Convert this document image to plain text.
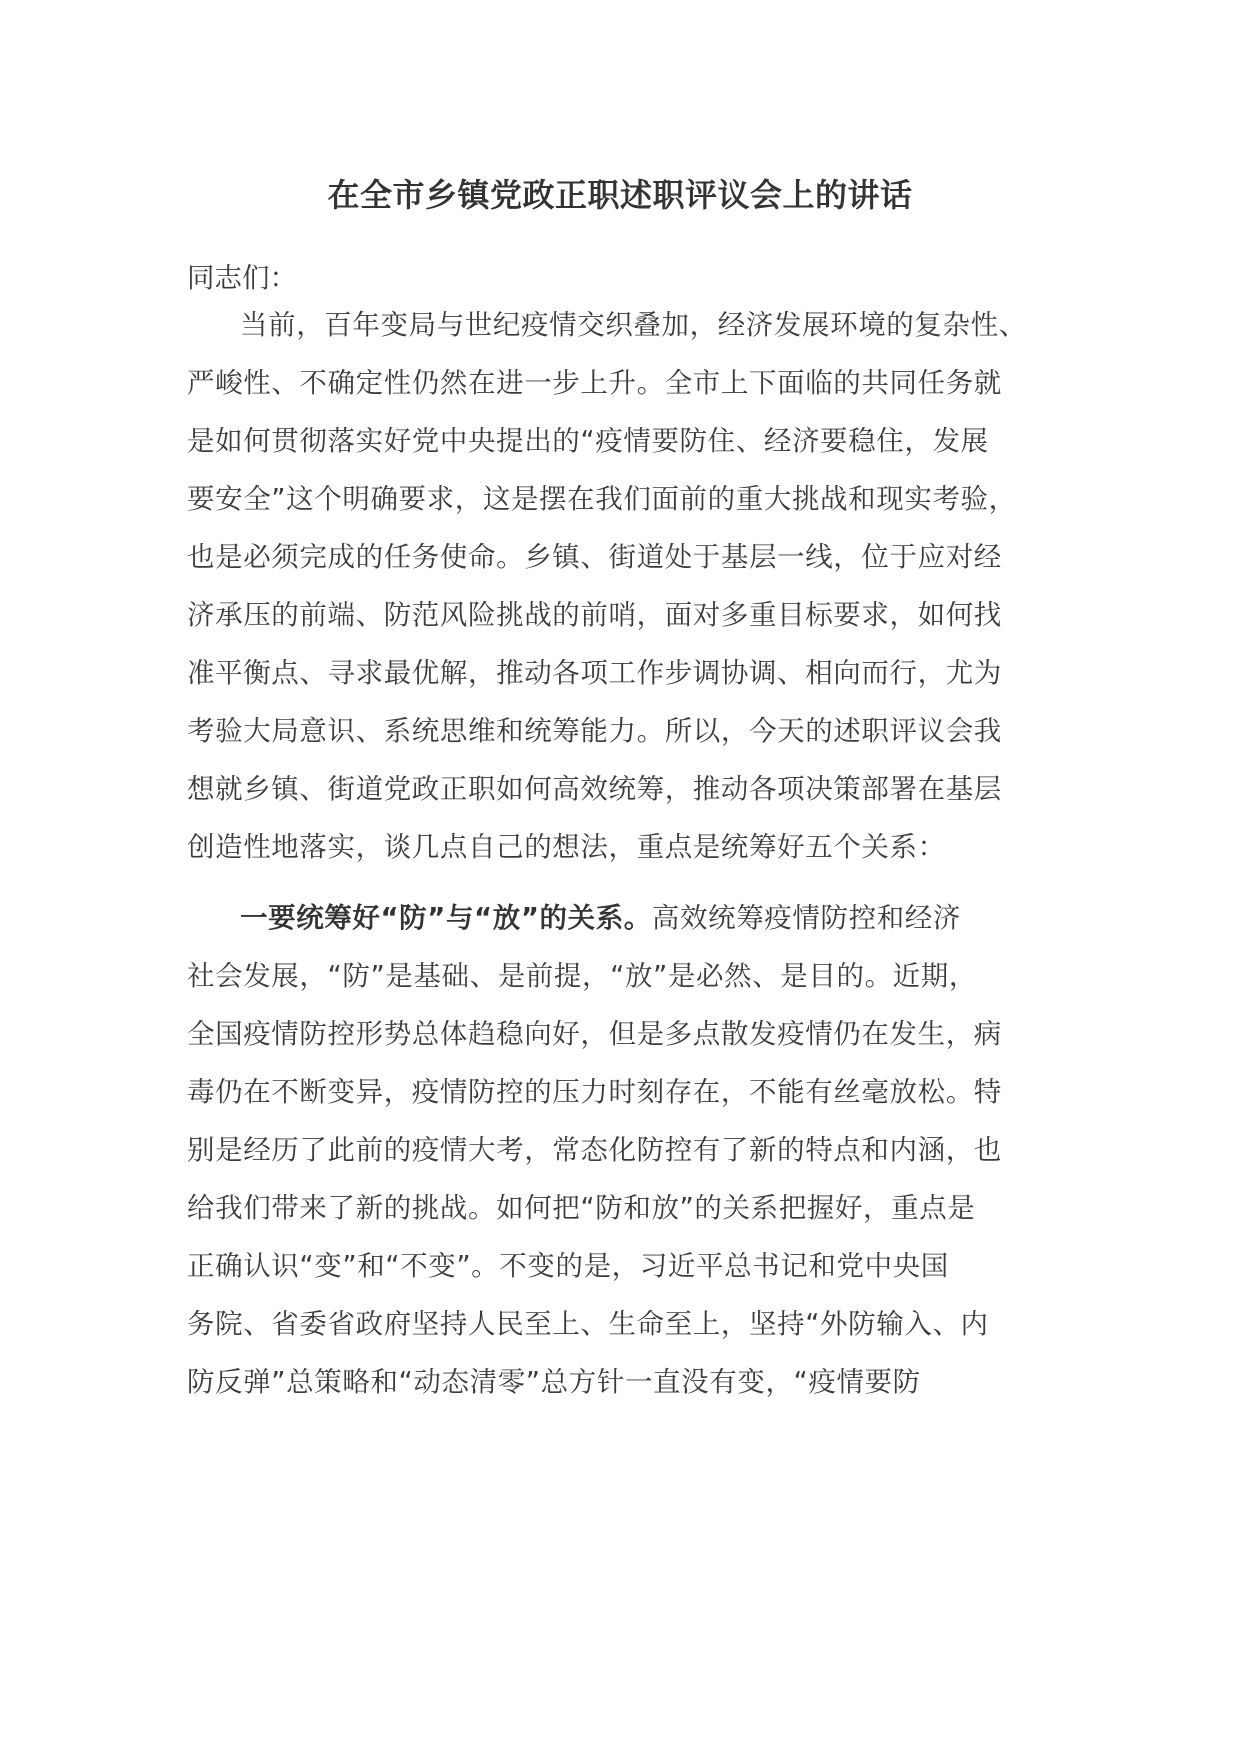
在全市乡镇党政正职述职评议会上的讲话
同志们：
当前，百年变局与世纪疫情交织叠加，经济发展环境的复杂性、
严峻性、不确定性仍然在进一步上升。全市上下面临的共同任务就
是如何贯彻落实好党中央提出的“疫情要防住、经济要稳住，发展
要安全”这个明确要求，这是摆在我们面前的重大挑战和现实考验，
也是必须完成的任务使命。乡镇、街道处于基层一线，位于应对经
济承压的前端、防范风险挑战的前哨，面对多重目标要求，如何找
准平衡点、寻求最优解，推动各项工作步调协调、相向而行，尤为
考验大局意识、系统思维和统筹能力。所以，今天的述职评议会我
想就乡镇、街道党政正职如何高效统筹，推动各项决策部署在基层
创造性地落实，谈几点自己的想法，重点是统筹好五个关系：
一要统筹好“防”与“放”的关系。高效统筹疫情防控和经济
社会发展，“防”是基础、是前提，“放”是必然、是目的。近期，
全国疫情防控形势总体趋稳向好，但是多点散发疫情仍在发生，病
毒仍在不断变异，疫情防控的压力时刻存在，不能有丝毫放松。特
别是经历了此前的疫情大考，常态化防控有了新的特点和内涵，也
给我们带来了新的挑战。如何把“防和放”的关系把握好，重点是
正确认识“变”和“不变”。不变的是，习近平总书记和党中央国
务院、省委省政府坚持人民至上、生命至上，坚持“外防输入、内
防反弹”总策略和“动态清零”总方针一直没有变，“疫情要防
